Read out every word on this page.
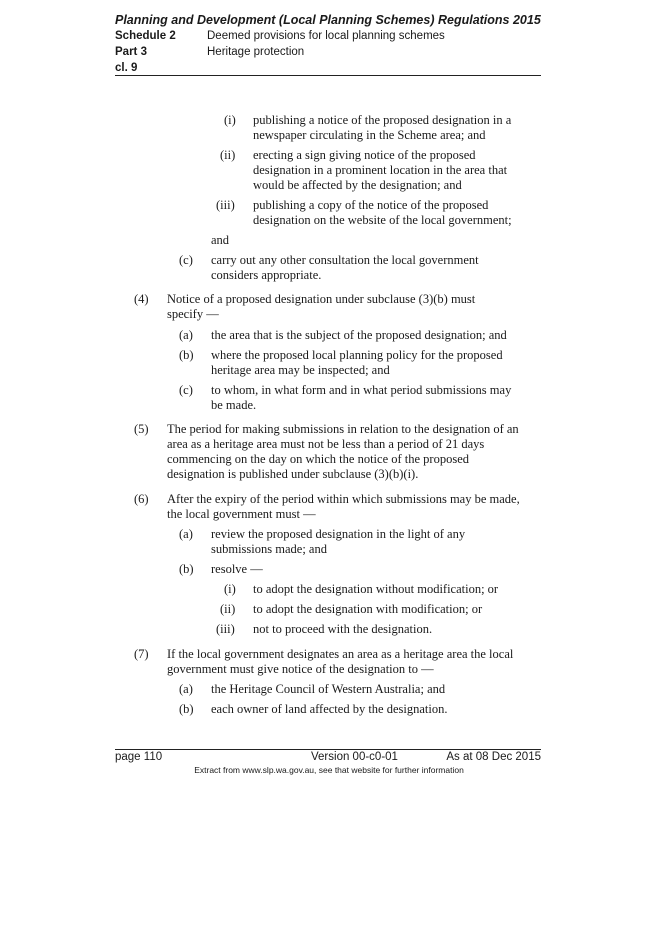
Planning and Development (Local Planning Schemes) Regulations 2015
Schedule 2	Deemed provisions for local planning schemes
Part 3	Heritage protection
cl. 9
(i) publishing a notice of the proposed designation in a
newspaper circulating in the Scheme area; and
(ii) erecting a sign giving notice of the proposed
designation in a prominent location in the area that
would be affected by the designation; and
(iii) publishing a copy of the notice of the proposed
designation on the website of the local government;
and
(c) carry out any other consultation the local government
considers appropriate.
(4) Notice of a proposed designation under subclause (3)(b) must
specify —
(a) the area that is the subject of the proposed designation; and
(b) where the proposed local planning policy for the proposed
heritage area may be inspected; and
(c) to whom, in what form and in what period submissions may
be made.
(5) The period for making submissions in relation to the designation of an
area as a heritage area must not be less than a period of 21 days
commencing on the day on which the notice of the proposed
designation is published under subclause (3)(b)(i).
(6) After the expiry of the period within which submissions may be made,
the local government must —
(a) review the proposed designation in the light of any
submissions made; and
(b) resolve —
(i) to adopt the designation without modification; or
(ii) to adopt the designation with modification; or
(iii) not to proceed with the designation.
(7) If the local government designates an area as a heritage area the local
government must give notice of the designation to —
(a) the Heritage Council of Western Australia; and
(b) each owner of land affected by the designation.
page 110	Version 00-c0-01	As at 08 Dec 2015
Extract from www.slp.wa.gov.au, see that website for further information
